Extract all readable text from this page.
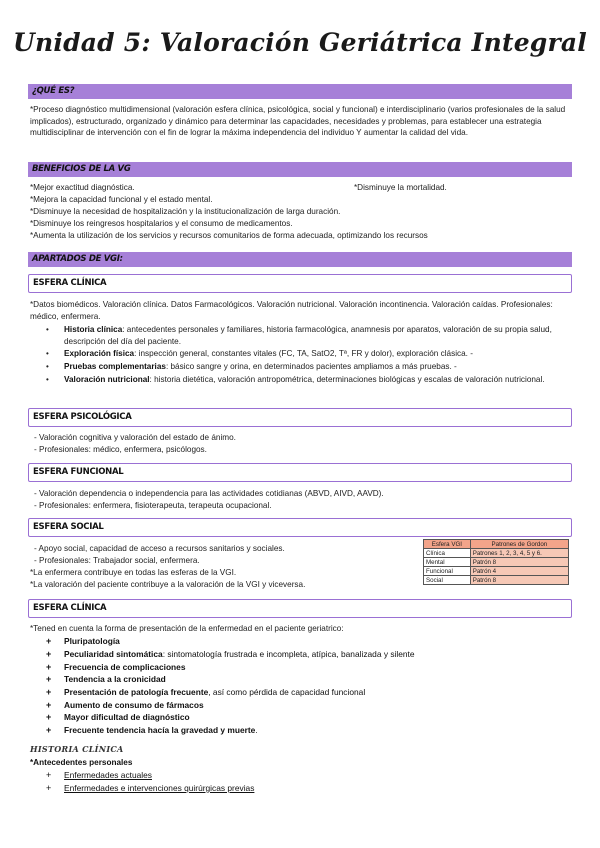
Unidad 5: Valoración Geriátrica Integral
¿QUÉ ES?
*Proceso diagnóstico multidimensional (valoración esfera clínica, psicológica, social y funcional) e interdisciplinario (varios profesionales de la salud implicados), estructurado, organizado y dinámico para determinar las capacidades, necesidades y problemas, para establecer una estrategia multidisciplinar de intervención con el fin de lograr la máxima independencia del individuo Y aumentar la calidad del vida.
BENEFICIOS DE LA VG
*Mejor exactitud diagnóstica.	*Disminuye la mortalidad.
*Mejora la capacidad funcional y el estado mental.
*Disminuye la necesidad de hospitalización y la institucionalización de larga duración.
*Disminuye los reingresos hospitalarios y el consumo de medicamentos.
*Aumenta la utilización de los servicios y recursos comunitarios de forma adecuada, optimizando los recursos
APARTADOS DE VGI:
ESFERA CLÍNICA
*Datos biomédicos. Valoración clínica. Datos Farmacológicos. Valoración nutricional. Valoración incontinencia. Valoración caídas. Profesionales: médico, enfermera.
• Historia clínica: antecedentes personales y familiares, historia farmacológica, anamnesis por aparatos, valoración de su propia salud, descripción del día del paciente.
• Exploración física: inspección general, constantes vitales (FC, TA, SatO2, Tª, FR y dolor), exploración clásica. -
• Pruebas complementarias: básico sangre y orina, en determinados pacientes ampliamos a más pruebas. -
• Valoración nutricional: historia dietética, valoración antropométrica, determinaciones biológicas y escalas de valoración nutricional.
ESFERA PSICOLÓGICA
- Valoración cognitiva y valoración del estado de ánimo.
- Profesionales: médico, enfermera, psicólogos.
ESFERA FUNCIONAL
- Valoración dependencia o independencia para las actividades cotidianas (ABVD, AIVD, AAVD).
- Profesionales: enfermera, fisioterapeuta, terapeuta ocupacional.
ESFERA SOCIAL
- Apoyo social, capacidad de acceso a recursos sanitarios y sociales.
- Profesionales: Trabajador social, enfermera.
*La enfermera contribuye en todas las esferas de la VGI.
*La valoración del paciente contribuye a la valoración de la VGI y viceversa.
Esfera VGI	Patrones de Gordon
Clínica	Patrones 1, 2, 3, 4, 5 y 6.
Mental	Patrón 8
Funcional	Patrón 4
Social	Patrón 8
ESFERA CLÍNICA
*Tened en cuenta la forma de presentación de la enfermedad en el paciente geriatrico:
+ Pluripatología
+ Peculiaridad sintomática: sintomatología frustrada e incompleta, atípica, banalizada y silente
+ Frecuencia de complicaciones
+ Tendencia a la cronicidad
+ Presentación de patología frecuente, así como pérdida de capacidad funcional
+ Aumento de consumo de fármacos
+ Mayor dificultad de diagnóstico
+ Frecuente tendencia hacía la gravedad y muerte.
HISTORIA CLÍNICA
*Antecedentes personales
+ Enfermedades actuales
+ Enfermedades e intervenciones quirúrgicas previas
